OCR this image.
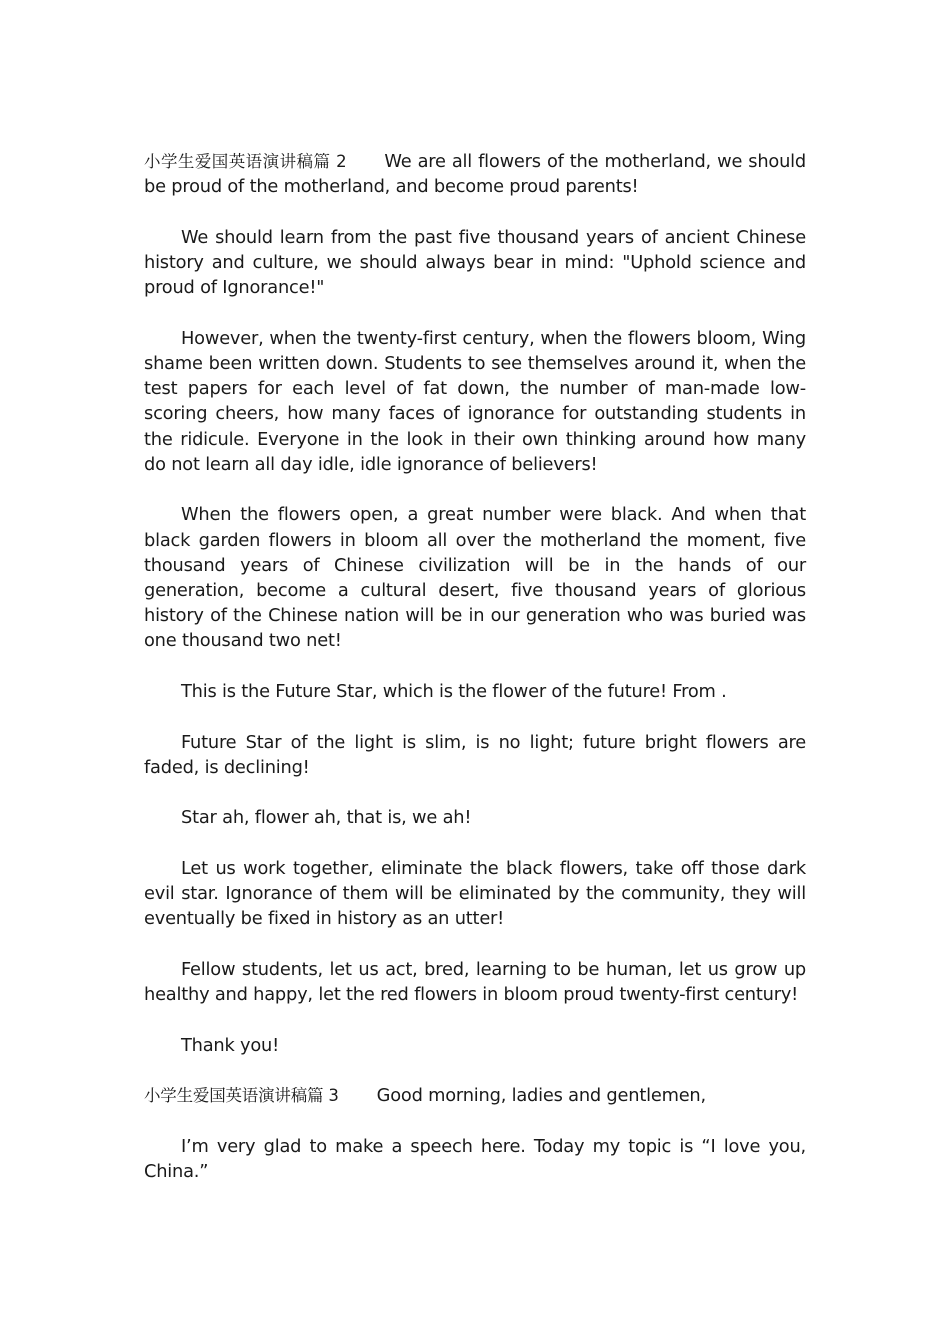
小学生爱国英语演讲稿篇 2 We are all flowers of the motherland, we should be proud of the motherland, and become proud parents!

We should learn from the past five thousand years of ancient Chinese history and culture, we should always bear in mind: "Uphold science and proud of Ignorance!"

However, when the twenty-first century, when the flowers bloom, Wing shame been written down. Students to see themselves around it, when the test papers for each level of fat down, the number of man-made low-scoring cheers, how many faces of ignorance for outstanding students in the ridicule. Everyone in the look in their own thinking around how many do not learn all day idle, idle ignorance of believers!

When the flowers open, a great number were black. And when that black garden flowers in bloom all over the motherland the moment, five thousand years of Chinese civilization will be in the hands of our generation, become a cultural desert, five thousand years of glorious history of the Chinese nation will be in our generation who was buried was one thousand two net!

This is the Future Star, which is the flower of the future! From .

Future Star of the light is slim, is no light; future bright flowers are faded, is declining!

Star ah, flower ah, that is, we ah!

Let us work together, eliminate the black flowers, take off those dark evil star. Ignorance of them will be eliminated by the community, they will eventually be fixed in history as an utter!

Fellow students, let us act, bred, learning to be human, let us grow up healthy and happy, let the red flowers in bloom proud twenty-first century!

Thank you!

小学生爱国英语演讲稿篇 3 Good morning, ladies and gentlemen,

I’m very glad to make a speech here. Today my topic is “I love you, China.”
